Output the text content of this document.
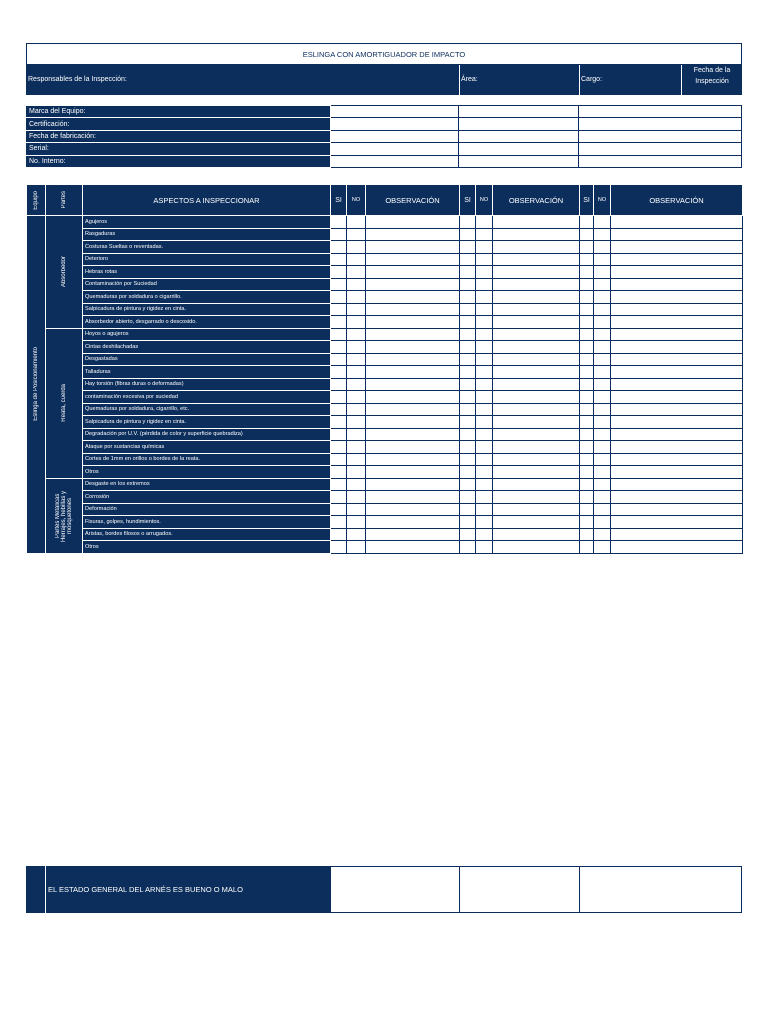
ESLINGA CON AMORTIGUADOR DE IMPACTO
Responsables de la Inspección:	Área:	Cargo:
Fecha de la Inspección
Marca del Equipo:			
Certificación:			
Fecha de fabricación:			
Serial:			
No. Interno:			
Equipo	Partes	ASPECTOS A INSPECCIONAR	SI	NO	OBSERVACIÓN	SI	NO	OBSERVACIÓN	SI	NO	OBSERVACIÓN

Eslinga de Posicionamiento	Absorbedor	Agujeros									
		Rasgaduras									
		Costuras Sueltas o reventadas.									
		Deterioro									
		Hebras rotas									
		Contaminación por Suciedad									
		Quemaduras por soldadura o cigarrillo.									
		Salpicadura de pintura y rigidez en cinta.									
		Absorbedor abierto, desgarrado o descosido.									

	Reata, cuerda	Hoyos o agujeros									
		Cintas deshilachadas									
		Desgastadas									
		Talladuras									
		Hay torsión (fibras duras o deformadas)									
		contaminación excesiva por suciedad									
		Quemaduras por soldadura, cigarrillo, etc.									
		Salpicadura de pintura y rigidez en cinta.									
		Degradación por U.V. (pérdida de color y superficie quebradiza)									
		Ataque por sustancias químicas									
		Cortes de 1mm en orillos o bordes de la reata.									
		Otros									

	Partes Metálicas Herrajes, hebillas y mosquetones	Desgaste en los extremos									
		Corrosión									
		Deformación									
		Fisuras, golpes, hundimientos.									
		Aristas, bordes filosos o arrugados.									
		Otros									
EL ESTADO GENERAL DEL ARNÉS ES BUENO O MALO
